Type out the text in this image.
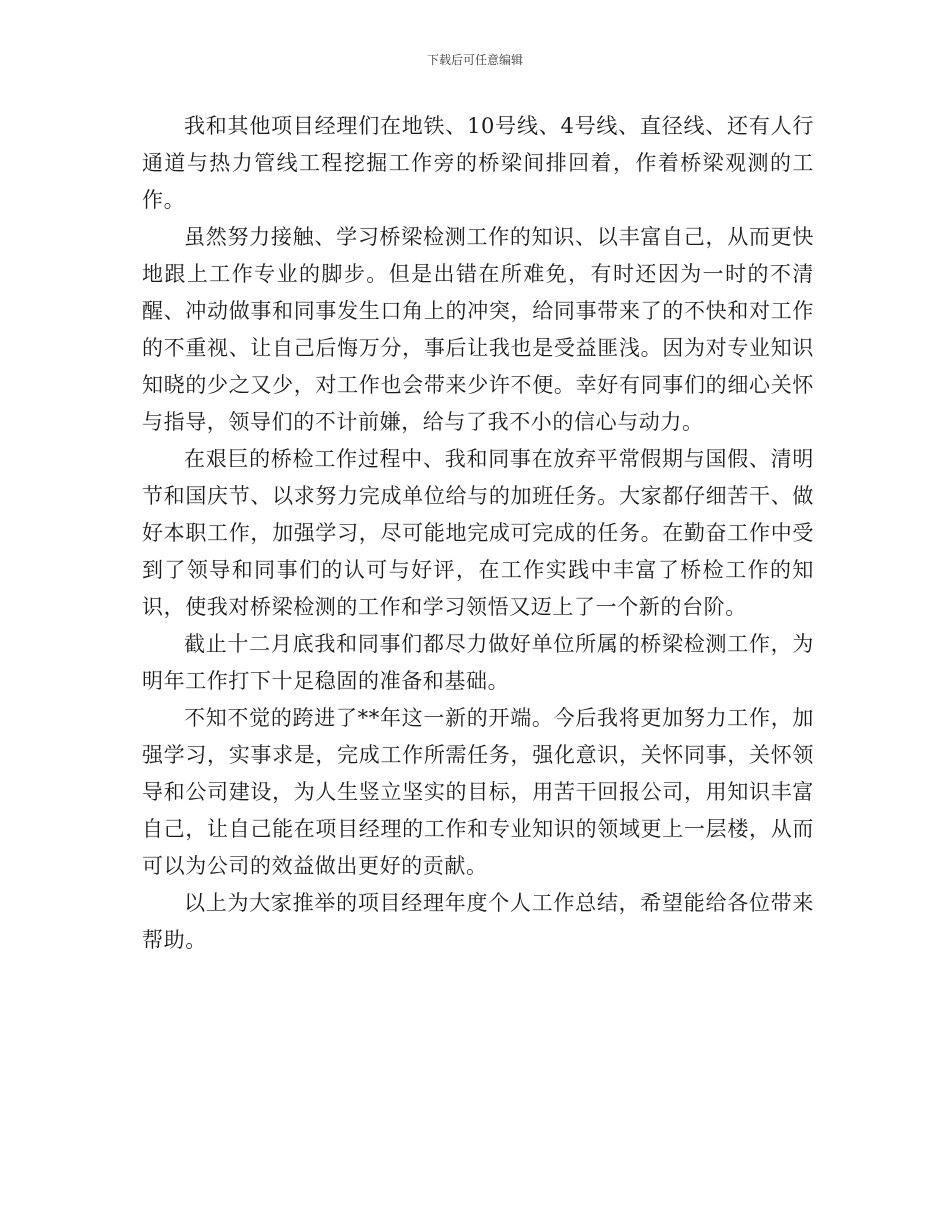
下载后可任意编辑

我和其他项目经理们在地铁、10号线、4号线、直径线、还有人行通道与热力管线工程挖掘工作旁的桥梁间排回着，作着桥梁观测的工作。

虽然努力接触、学习桥梁检测工作的知识、以丰富自己，从而更快地跟上工作专业的脚步。但是出错在所难免，有时还因为一时的不清醒、冲动做事和同事发生口角上的冲突，给同事带来了的不快和对工作的不重视、让自己后悔万分，事后让我也是受益匪浅。因为对专业知识知晓的少之又少，对工作也会带来少许不便。幸好有同事们的细心关怀与指导，领导们的不计前嫌，给与了我不小的信心与动力。

在艰巨的桥检工作过程中、我和同事在放弃平常假期与国假、清明节和国庆节、以求努力完成单位给与的加班任务。大家都仔细苦干、做好本职工作，加强学习，尽可能地完成可完成的任务。在勤奋工作中受到了领导和同事们的认可与好评，在工作实践中丰富了桥检工作的知识，使我对桥梁检测的工作和学习领悟又迈上了一个新的台阶。

截止十二月底我和同事们都尽力做好单位所属的桥梁检测工作，为明年工作打下十足稳固的准备和基础。

不知不觉的跨进了**年这一新的开端。今后我将更加努力工作，加强学习，实事求是，完成工作所需任务，强化意识，关怀同事，关怀领导和公司建设，为人生竖立坚实的目标，用苦干回报公司，用知识丰富自己，让自己能在项目经理的工作和专业知识的领域更上一层楼，从而可以为公司的效益做出更好的贡献。

以上为大家推举的项目经理年度个人工作总结，希望能给各位带来帮助。
